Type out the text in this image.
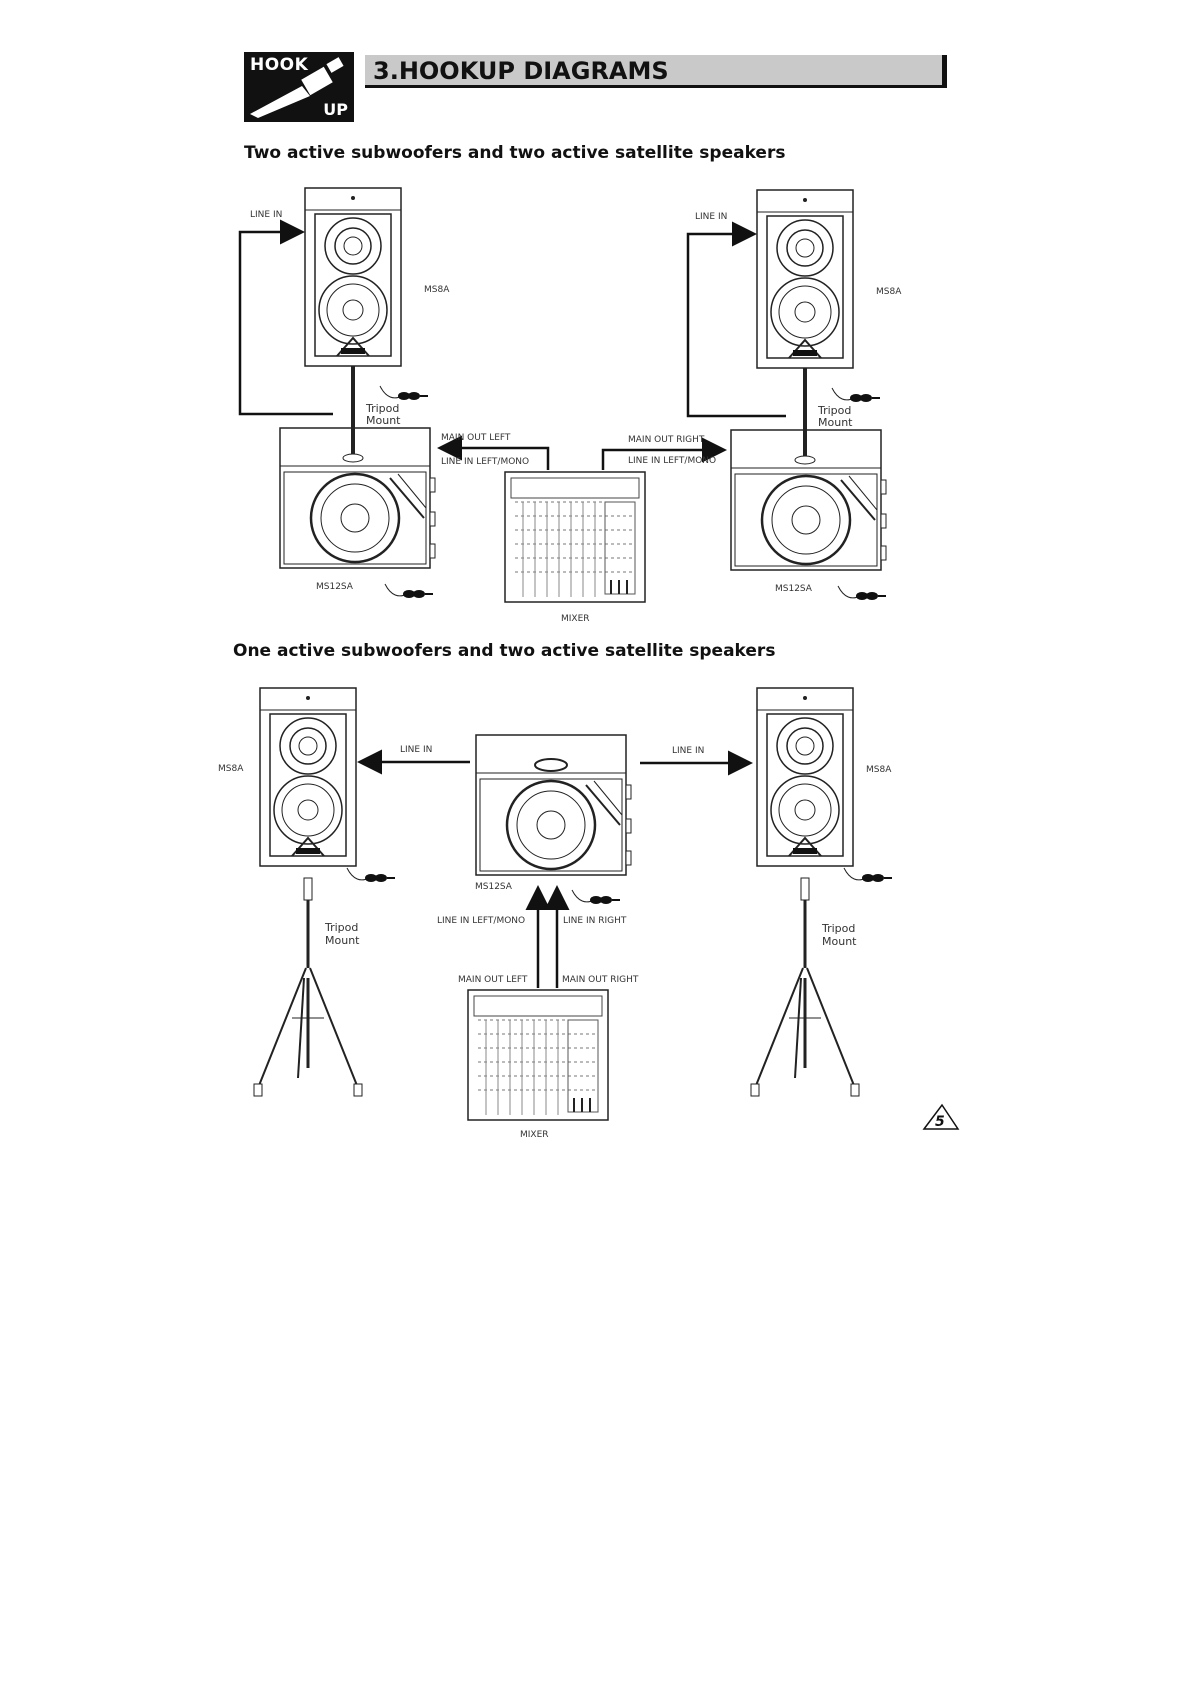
HOOK
UP
3.HOOKUP DIAGRAMS
Two active subwoofers and two active satellite speakers
One active subwoofers and two active satellite speakers
LINE IN	LINE IN
MS8A	MS8A
Tripod
Mount
Tripod
Mount
MAIN OUT LEFT
LINE IN LEFT/MONO
MAIN OUT RIGHT
LINE IN LEFT/MONO
MS12SA	MS12SA
MIXER
MS8A	MS8A
LINE IN	LINE IN
MS12SA
LINE IN LEFT/MONO	LINE IN RIGHT
MAIN OUT LEFT	MAIN OUT RIGHT
Tripod
Mount
Tripod
Mount
MIXER
5
